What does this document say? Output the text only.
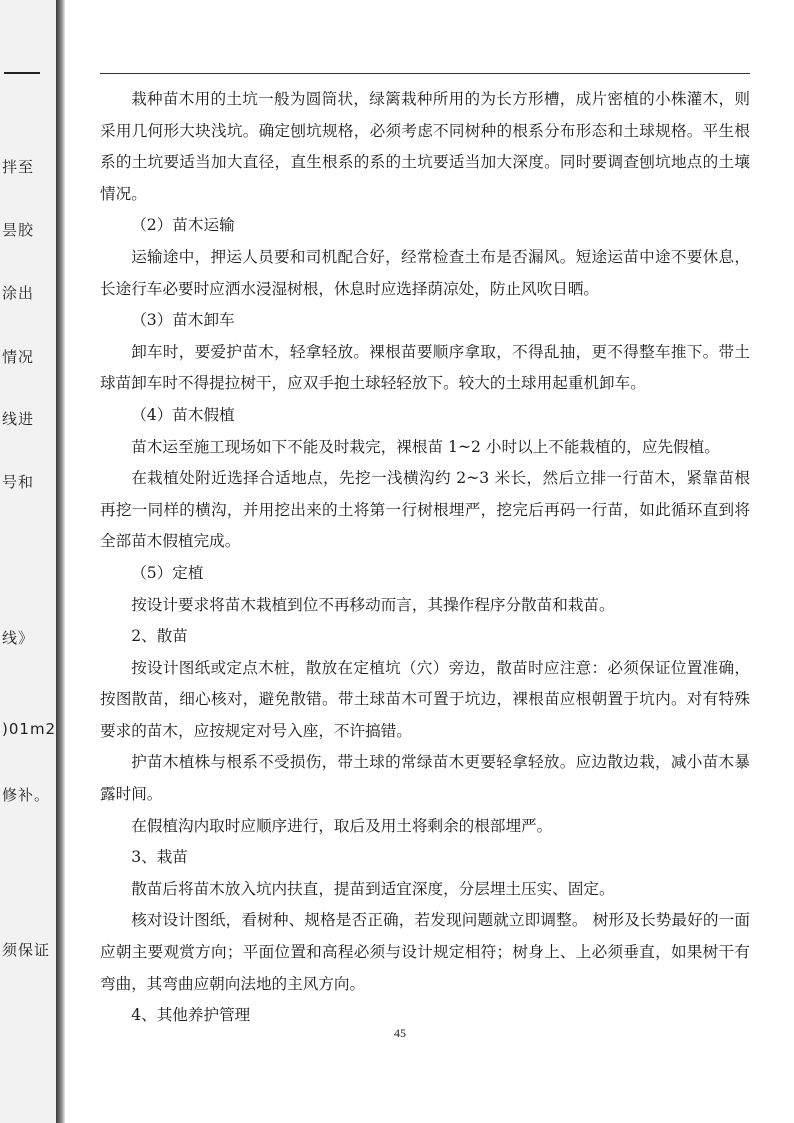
拌至
昙胶
涂出
情况
线进
号和
线》
)01m2
修补。
须保证

栽种苗木用的土坑一般为圆筒状，绿篱栽种所用的为长方形槽，成片密植的小株灌木，则采用几何形大块浅坑。确定刨坑规格，必须考虑不同树种的根系分布形态和土球规格。平生根系的土坑要适当加大直径，直生根系的系的土坑要适当加大深度。同时要调查刨坑地点的土壤情况。

（2）苗木运输

运输途中，押运人员要和司机配合好，经常检查土布是否漏风。短途运苗中途不要休息，长途行车必要时应洒水浸湿树根，休息时应选择荫凉处，防止风吹日晒。

（3）苗木卸车

卸车时，要爱护苗木，轻拿轻放。裸根苗要顺序拿取，不得乱抽，更不得整车推下。带土球苗卸车时不得提拉树干，应双手抱土球轻轻放下。较大的土球用起重机卸车。

（4）苗木假植

苗木运至施工现场如下不能及时栽完，裸根苗 1~2 小时以上不能栽植的，应先假植。

在栽植处附近选择合适地点，先挖一浅横沟约 2~3 米长，然后立排一行苗木，紧靠苗根再挖一同样的横沟，并用挖出来的土将第一行树根埋严，挖完后再码一行苗，如此循环直到将全部苗木假植完成。

（5）定植

按设计要求将苗木栽植到位不再移动而言，其操作程序分散苗和栽苗。

2、散苗

按设计图纸或定点木桩，散放在定植坑（穴）旁边，散苗时应注意：必须保证位置准确，按图散苗，细心核对，避免散错。带土球苗木可置于坑边，裸根苗应根朝置于坑内。对有特殊要求的苗木，应按规定对号入座，不许搞错。

护苗木植株与根系不受损伤，带土球的常绿苗木更要轻拿轻放。应边散边栽，减小苗木暴露时间。

在假植沟内取时应顺序进行，取后及用土将剩余的根部埋严。

3、栽苗

散苗后将苗木放入坑内扶直，提苗到适宜深度，分层埋土压实、固定。

核对设计图纸，看树种、规格是否正确，若发现问题就立即调整。 树形及长势最好的一面应朝主要观赏方向；平面位置和高程必须与设计规定相符；树身上、上必须垂直，如果树干有弯曲，其弯曲应朝向法地的主风方向。

4、其他养护管理

45
